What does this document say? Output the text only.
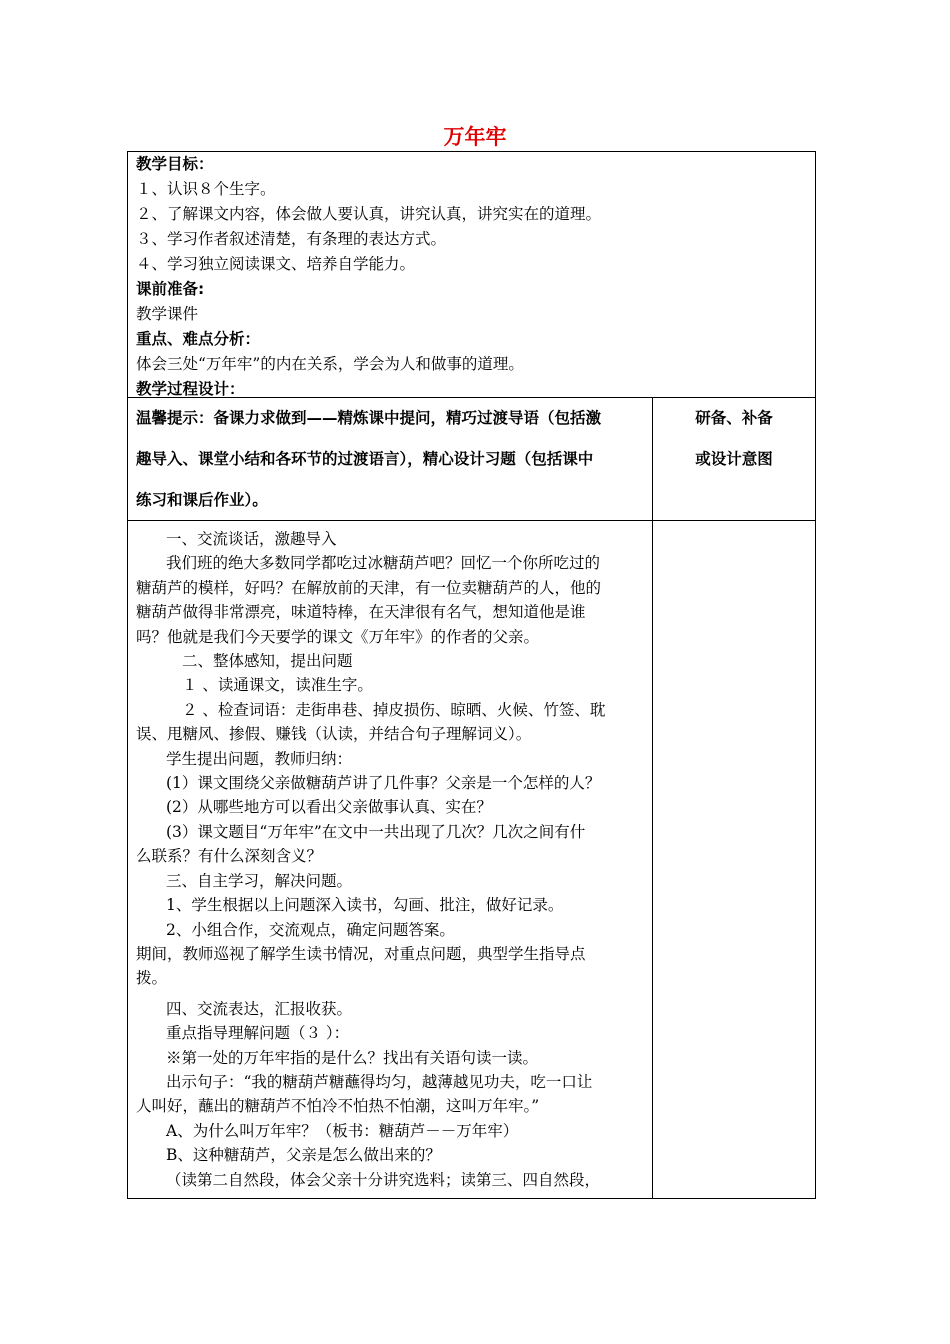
万年牢
教学目标：
１、认识８个生字。
２、了解课文内容，体会做人要认真，讲究认真，讲究实在的道理。
３、学习作者叙述清楚，有条理的表达方式。
４、学习独立阅读课文、培养自学能力。
课前准备:
教学课件
重点、难点分析：
体会三处“万年牢”的内在关系，学会为人和做事的道理。
教学过程设计：
温馨提示：备课力求做到——精炼课中提问，精巧过渡导语（包括激
趣导入、课堂小结和各环节的过渡语言），精心设计习题（包括课中
练习和课后作业）。
研备、补备
或设计意图
一、交流谈话，激趣导入
我们班的绝大多数同学都吃过冰糖葫芦吧？回忆一个你所吃过的
糖葫芦的模样，好吗？在解放前的天津，有一位卖糖葫芦的人，他的
糖葫芦做得非常漂亮，味道特棒，在天津很有名气，想知道他是谁
吗？他就是我们今天要学的课文《万年牢》的作者的父亲。
二、整体感知，提出问题
１ 、读通课文，读准生字。
２ 、检查词语：走街串巷、掉皮损伤、晾晒、火候、竹签、耽
误、甩糖风、掺假、赚钱（认读，并结合句子理解词义）。
学生提出问题，教师归纳：
(1）课文围绕父亲做糖葫芦讲了几件事？父亲是一个怎样的人？
(2）从哪些地方可以看出父亲做事认真、实在？
(3）课文题目“万年牢”在文中一共出现了几次？几次之间有什
么联系？有什么深刻含义？
三、自主学习，解决问题。
1、学生根据以上问题深入读书，勾画、批注，做好记录。
2、小组合作，交流观点，确定问题答案。
期间，教师巡视了解学生读书情况，对重点问题，典型学生指导点
拨。
四、交流表达，汇报收获。
重点指导理解问题（３ ）：
※第一处的万年牢指的是什么？找出有关语句读一读。
出示句子：“我的糖葫芦糖蘸得均匀，越薄越见功夫，吃一口让
人叫好，蘸出的糖葫芦不怕冷不怕热不怕潮，这叫万年牢。”
A、为什么叫万年牢？（板书：糖葫芦－－万年牢）
B、这种糖葫芦，父亲是怎么做出来的？
（读第二自然段，体会父亲十分讲究选料；读第三、四自然段，
